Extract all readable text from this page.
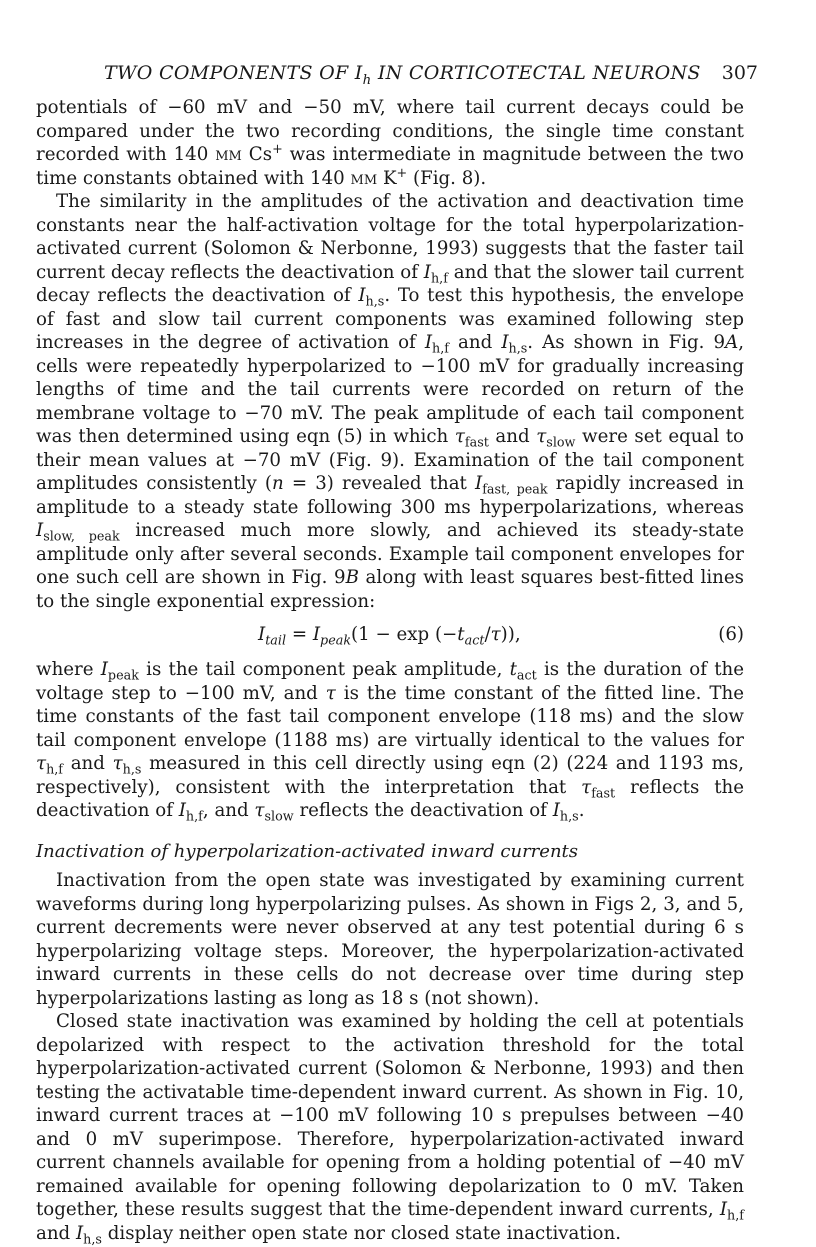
TWO COMPONENTS OF $I_h$ IN CORTICOTECTAL NEURONS 307

potentials of −60 mV and −50 mV, where tail current decays could be compared under the two recording conditions, the single time constant recorded with 140 mm Cs+ was intermediate in magnitude between the two time constants obtained with 140 mm K+ (Fig. 8).

The similarity in the amplitudes of the activation and deactivation time constants near the half-activation voltage for the total hyperpolarization-activated current (Solomon & Nerbonne, 1993) suggests that the faster tail current decay reflects the deactivation of $I_{h,f}$ and that the slower tail current decay reflects the deactivation of $I_{h,s}$. To test this hypothesis, the envelope of fast and slow tail current components was examined following step increases in the degree of activation of $I_{h,f}$ and $I_{h,s}$. As shown in Fig. 9A, cells were repeatedly hyperpolarized to −100 mV for gradually increasing lengths of time and the tail currents were recorded on return of the membrane voltage to −70 mV. The peak amplitude of each tail component was then determined using eqn (5) in which $\tau_{fast}$ and $\tau_{slow}$ were set equal to their mean values at −70 mV (Fig. 9). Examination of the tail component amplitudes consistently (n = 3) revealed that $I_{fast, peak}$ rapidly increased in amplitude to a steady state following 300 ms hyperpolarizations, whereas $I_{slow, peak}$ increased much more slowly, and achieved its steady-state amplitude only after several seconds. Example tail component envelopes for one such cell are shown in Fig. 9B along with least squares best-fitted lines to the single exponential expression:

$I_{tail} = I_{peak}(1 - \exp (-t_{act}/\tau))$,	(6)

where $I_{peak}$ is the tail component peak amplitude, $t_{act}$ is the duration of the voltage step to −100 mV, and τ is the time constant of the fitted line. The time constants of the fast tail component envelope (118 ms) and the slow tail component envelope (1188 ms) are virtually identical to the values for $\tau_{h,f}$ and $\tau_{h,s}$ measured in this cell directly using eqn (2) (224 and 1193 ms, respectively), consistent with the interpretation that $\tau_{fast}$ reflects the deactivation of $I_{h,f}$, and $\tau_{slow}$ reflects the deactivation of $I_{h,s}$.

Inactivation of hyperpolarization-activated inward currents

Inactivation from the open state was investigated by examining current waveforms during long hyperpolarizing pulses. As shown in Figs 2, 3, and 5, current decrements were never observed at any test potential during 6 s hyperpolarizing voltage steps. Moreover, the hyperpolarization-activated inward currents in these cells do not decrease over time during step hyperpolarizations lasting as long as 18 s (not shown).

Closed state inactivation was examined by holding the cell at potentials depolarized with respect to the activation threshold for the total hyperpolarization-activated current (Solomon & Nerbonne, 1993) and then testing the activatable time-dependent inward current. As shown in Fig. 10, inward current traces at −100 mV following 10 s prepulses between −40 and 0 mV superimpose. Therefore, hyperpolarization-activated inward current channels available for opening from a holding potential of −40 mV remained available for opening following depolarization to 0 mV. Taken together, these results suggest that the time-dependent inward currents, $I_{h,f}$ and $I_{h,s}$ display neither open state nor closed state inactivation.
